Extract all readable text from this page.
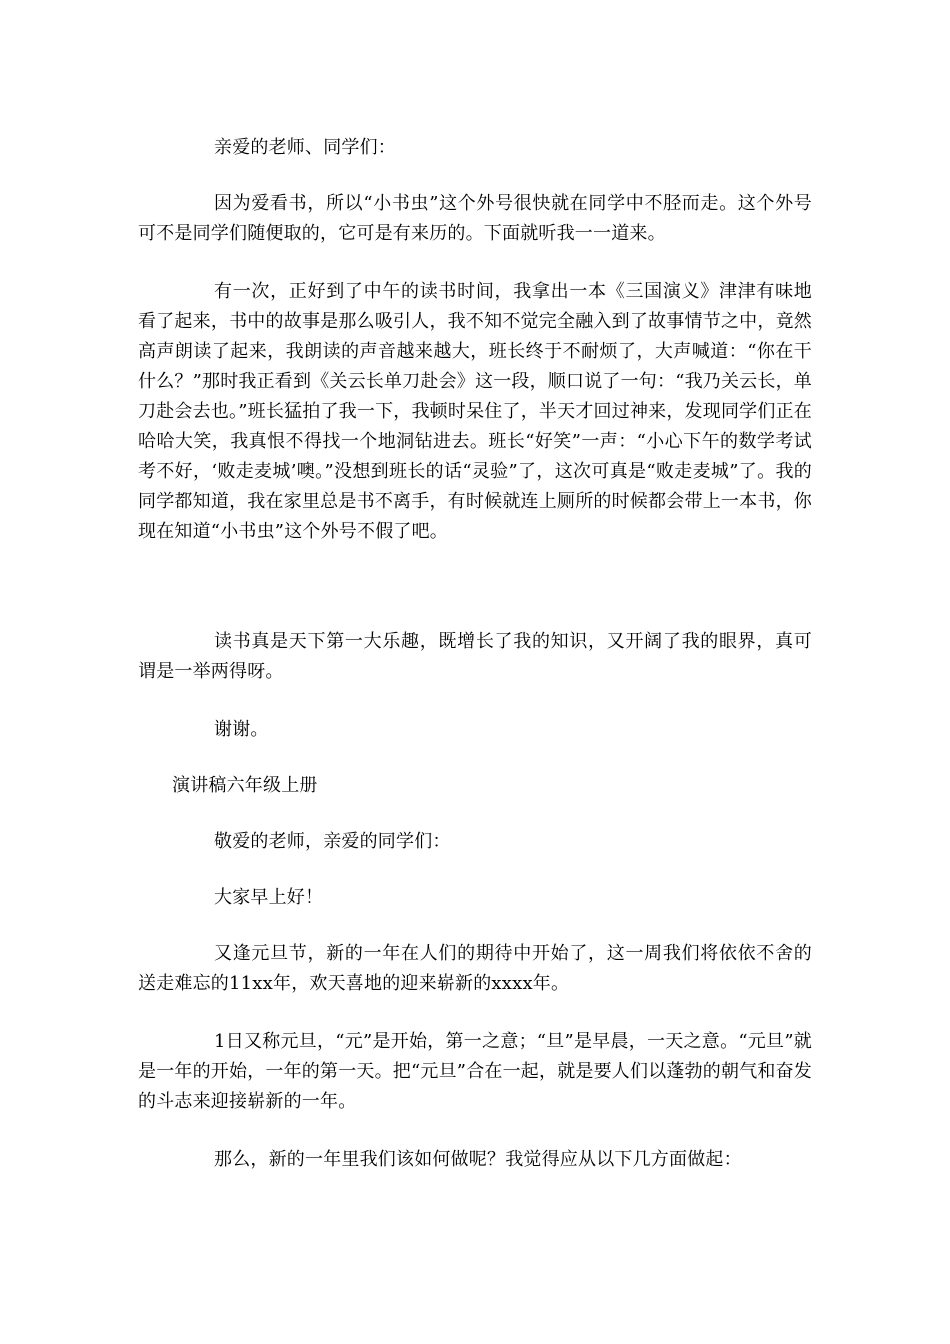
亲爱的老师、同学们：

因为爱看书，所以“小书虫”这个外号很快就在同学中不胫而走。这个外号可不是同学们随便取的，它可是有来历的。下面就听我一一道来。

有一次，正好到了中午的读书时间，我拿出一本《三国演义》津津有味地看了起来，书中的故事是那么吸引人，我不知不觉完全融入到了故事情节之中，竟然高声朗读了起来，我朗读的声音越来越大，班长终于不耐烦了，大声喊道：“你在干什么？”那时我正看到《关云长单刀赴会》这一段，顺口说了一句：“我乃关云长，单刀赴会去也。”班长猛拍了我一下，我顿时呆住了，半天才回过神来，发现同学们正在哈哈大笑，我真恨不得找一个地洞钻进去。班长“好笑”一声：“小心下午的数学考试考不好，‘败走麦城’噢。”没想到班长的话“灵验”了，这次可真是“败走麦城”了。我的同学都知道，我在家里总是书不离手，有时候就连上厕所的时候都会带上一本书，你现在知道“小书虫”这个外号不假了吧。

读书真是天下第一大乐趣，既增长了我的知识，又开阔了我的眼界，真可谓是一举两得呀。

谢谢。

演讲稿六年级上册

敬爱的老师，亲爱的同学们：

大家早上好！

又逢元旦节，新的一年在人们的期待中开始了，这一周我们将依依不舍的送走难忘的11xx年，欢天喜地的迎来崭新的xxxx年。

1日又称元旦，“元”是开始，第一之意；“旦”是早晨，一天之意。“元旦”就是一年的开始，一年的第一天。把“元旦”合在一起，就是要人们以蓬勃的朝气和奋发的斗志来迎接崭新的一年。

那么，新的一年里我们该如何做呢？我觉得应从以下几方面做起：
